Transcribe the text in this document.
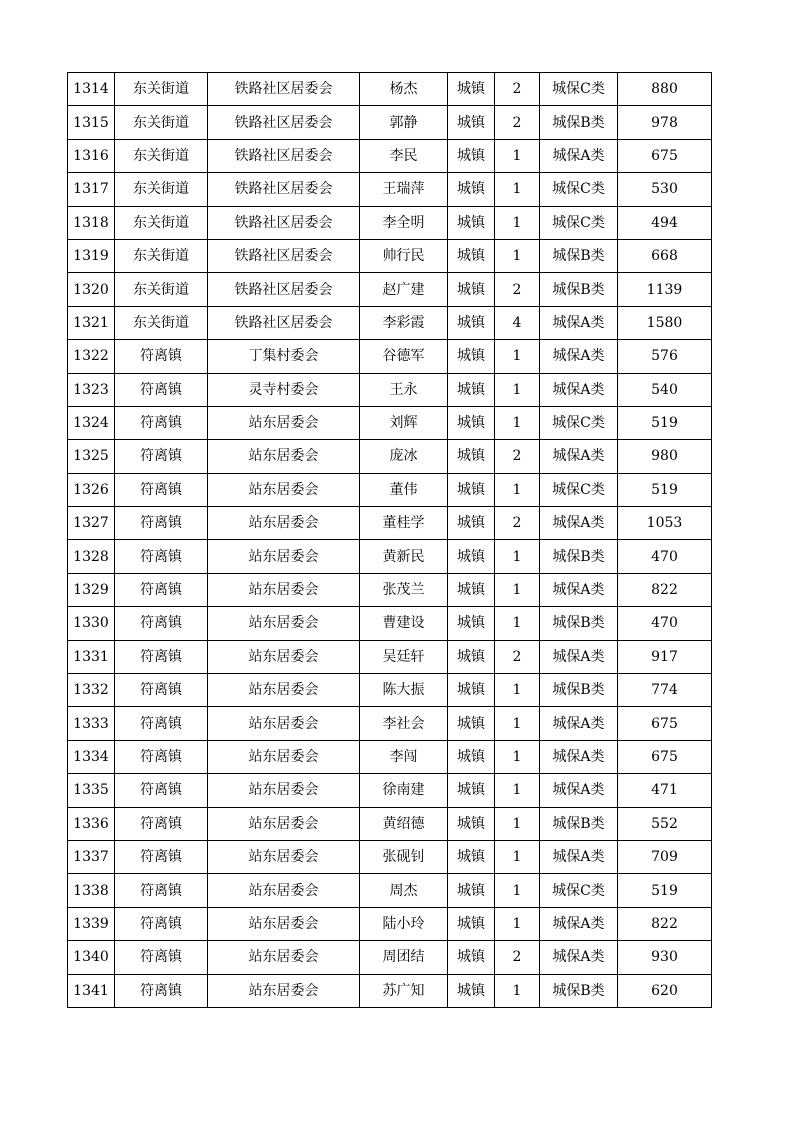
1314	东关街道	铁路社区居委会	杨杰	城镇	2	城保C类	880
1315	东关街道	铁路社区居委会	郭静	城镇	2	城保B类	978
1316	东关街道	铁路社区居委会	李民	城镇	1	城保A类	675
1317	东关街道	铁路社区居委会	王瑞萍	城镇	1	城保C类	530
1318	东关街道	铁路社区居委会	李全明	城镇	1	城保C类	494
1319	东关街道	铁路社区居委会	帅行民	城镇	1	城保B类	668
1320	东关街道	铁路社区居委会	赵广建	城镇	2	城保B类	1139
1321	东关街道	铁路社区居委会	李彩霞	城镇	4	城保A类	1580
1322	符离镇	丁集村委会	谷德军	城镇	1	城保A类	576
1323	符离镇	灵寺村委会	王永	城镇	1	城保A类	540
1324	符离镇	站东居委会	刘辉	城镇	1	城保C类	519
1325	符离镇	站东居委会	庞冰	城镇	2	城保A类	980
1326	符离镇	站东居委会	董伟	城镇	1	城保C类	519
1327	符离镇	站东居委会	董桂学	城镇	2	城保A类	1053
1328	符离镇	站东居委会	黄新民	城镇	1	城保B类	470
1329	符离镇	站东居委会	张茂兰	城镇	1	城保A类	822
1330	符离镇	站东居委会	曹建设	城镇	1	城保B类	470
1331	符离镇	站东居委会	吴廷轩	城镇	2	城保A类	917
1332	符离镇	站东居委会	陈大振	城镇	1	城保B类	774
1333	符离镇	站东居委会	李社会	城镇	1	城保A类	675
1334	符离镇	站东居委会	李闯	城镇	1	城保A类	675
1335	符离镇	站东居委会	徐南建	城镇	1	城保A类	471
1336	符离镇	站东居委会	黄绍德	城镇	1	城保B类	552
1337	符离镇	站东居委会	张砚钊	城镇	1	城保A类	709
1338	符离镇	站东居委会	周杰	城镇	1	城保C类	519
1339	符离镇	站东居委会	陆小玲	城镇	1	城保A类	822
1340	符离镇	站东居委会	周团结	城镇	2	城保A类	930
1341	符离镇	站东居委会	苏广知	城镇	1	城保B类	620
